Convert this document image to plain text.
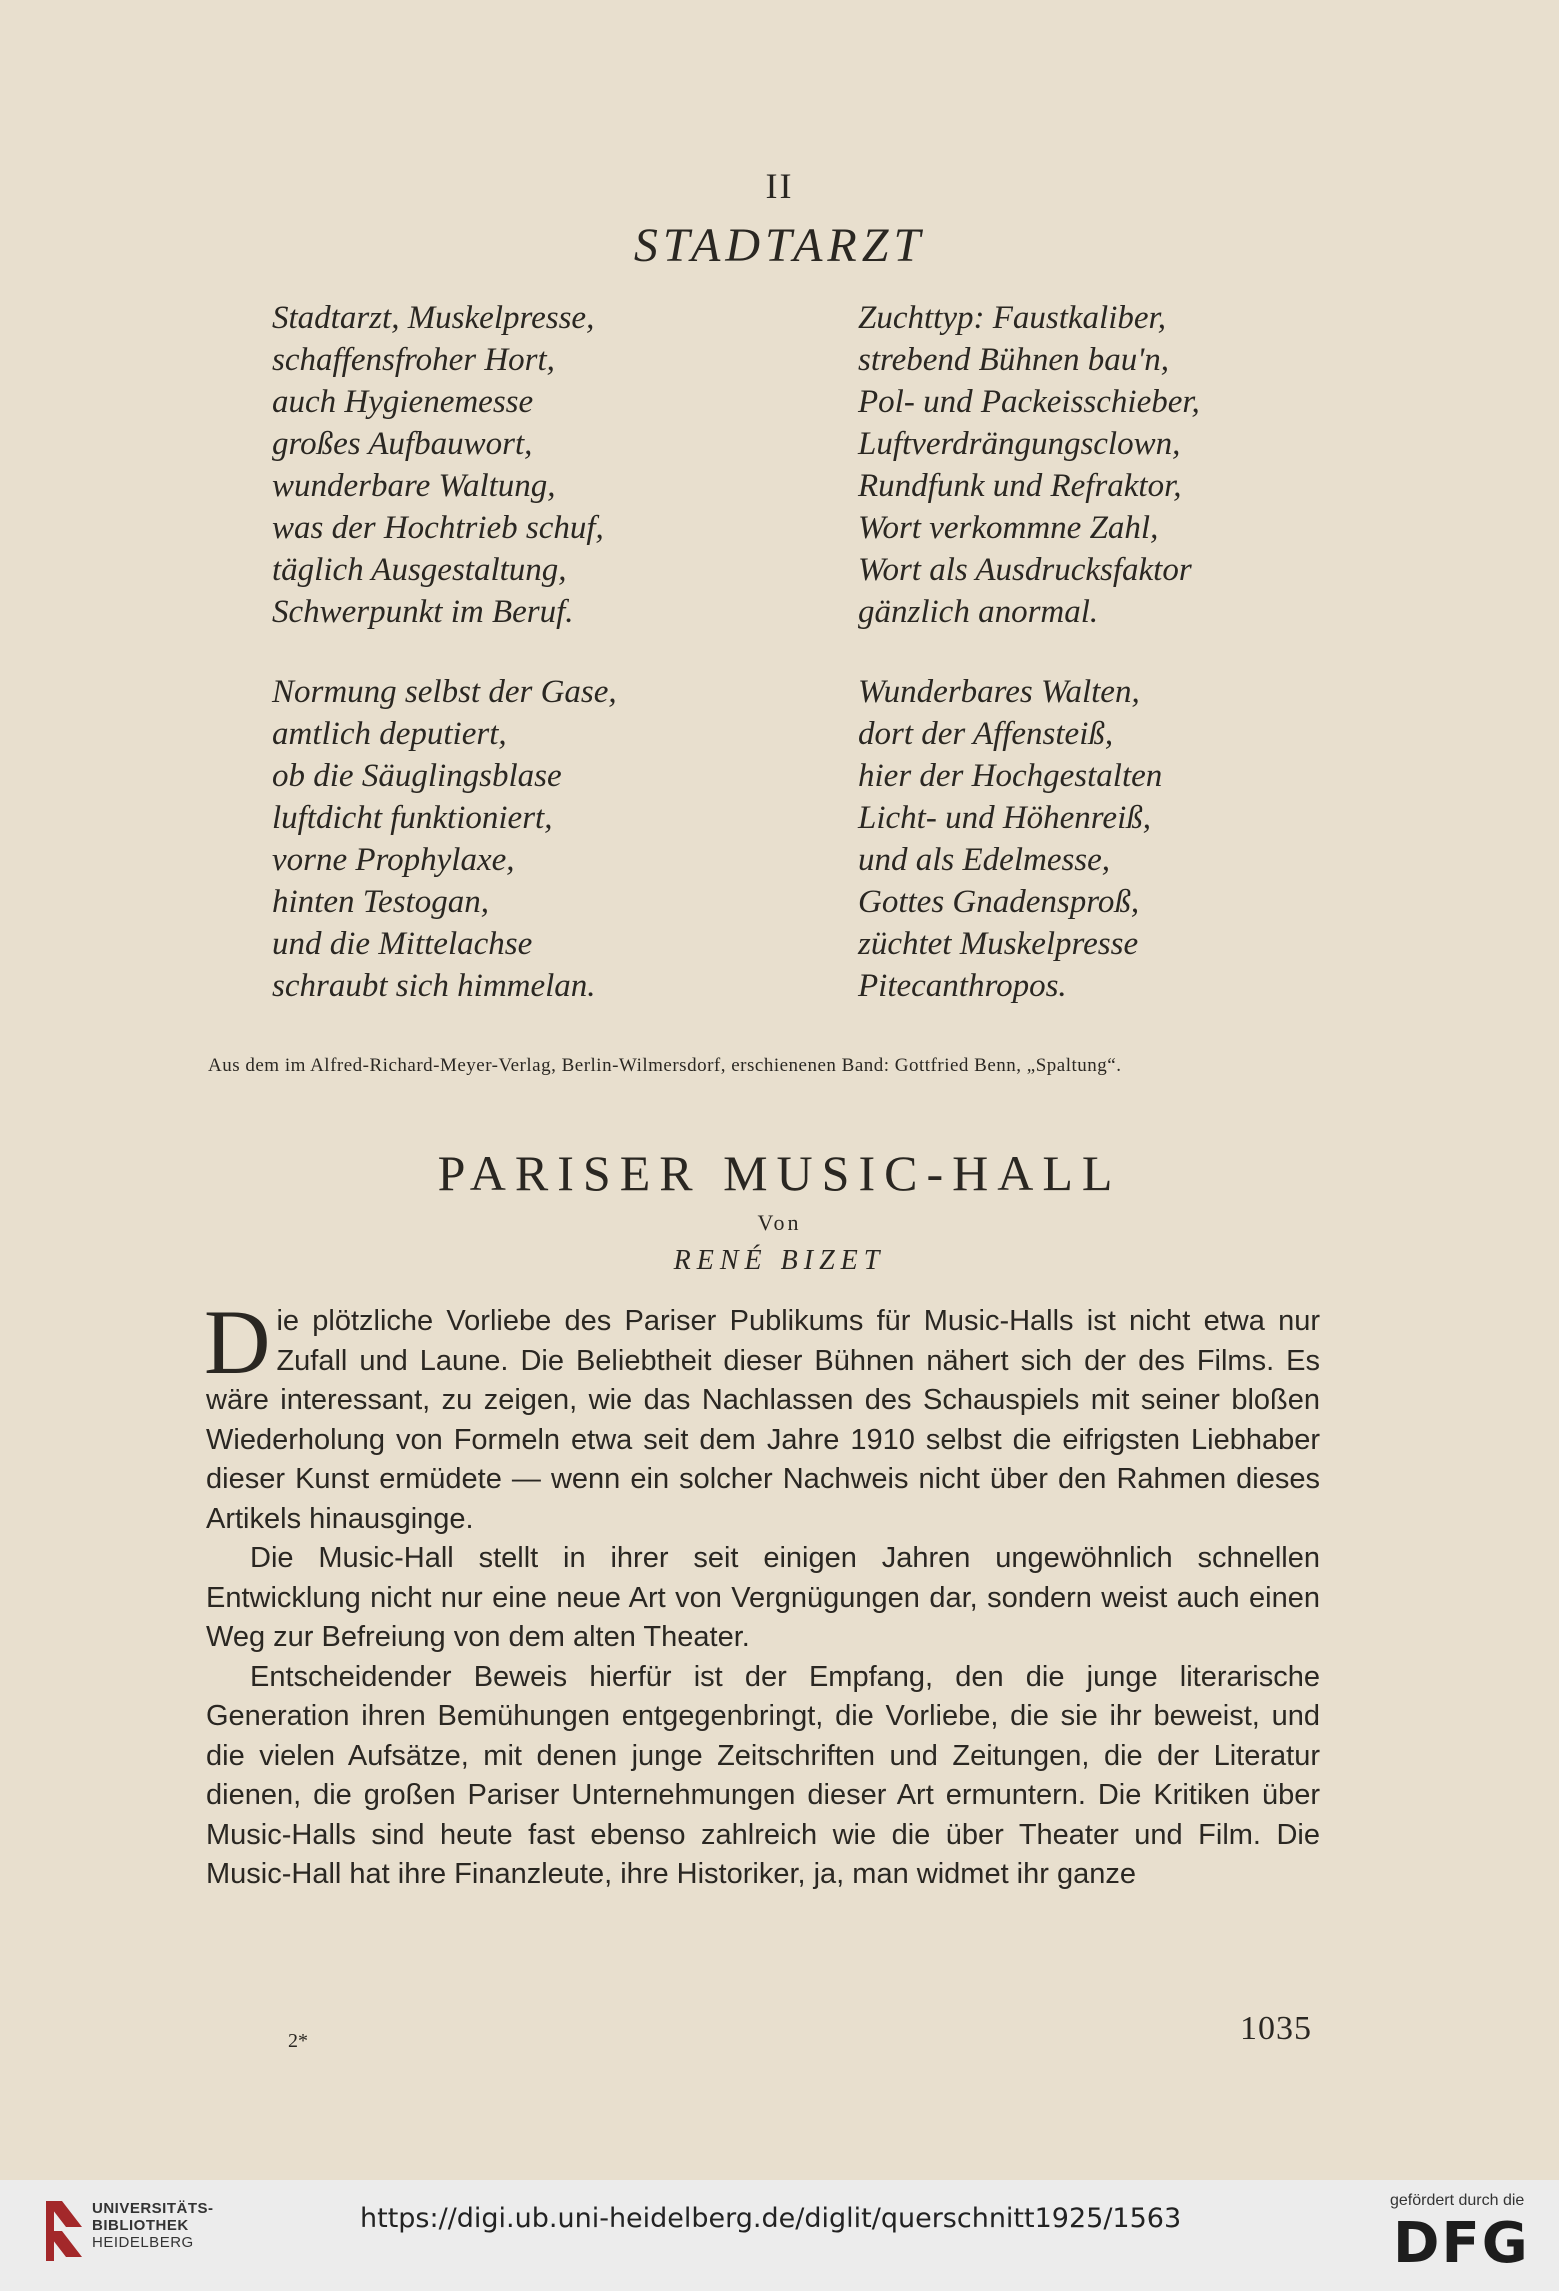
II
STADTARZT
Stadtarzt, Muskelpresse,
schaffensfroher Hort,
auch Hygienemesse
großes Aufbauwort,
wunderbare Waltung,
was der Hochtrieb schuf,
täglich Ausgestaltung,
Schwerpunkt im Beruf.
Normung selbst der Gase,
amtlich deputiert,
ob die Säuglingsblase
luftdicht funktioniert,
vorne Prophylaxe,
hinten Testogan,
und die Mittelachse
schraubt sich himmelan.
Zuchttyp: Faustkaliber,
strebend Bühnen bau'n,
Pol- und Packeisschieber,
Luftverdrängungsclown,
Rundfunk und Refraktor,
Wort verkommne Zahl,
Wort als Ausdrucksfaktor
gänzlich anormal.
Wunderbares Walten,
dort der Affensteiß,
hier der Hochgestalten
Licht- und Höhenreiß,
und als Edelmesse,
Gottes Gnadensproß,
züchtet Muskelpresse
Pitecanthropos.
Aus dem im Alfred-Richard-Meyer-Verlag, Berlin-Wilmersdorf, erschienenen Band: Gottfried Benn, „Spaltung“.
PARISER MUSIC-HALL
Von
RENÉ BIZET

Die plötzliche Vorliebe des Pariser Publikums für Music-Halls ist nicht etwa nur Zufall und Laune. Die Beliebtheit dieser Bühnen nähert sich der des Films. Es wäre interessant, zu zeigen, wie das Nachlassen des Schauspiels mit seiner bloßen Wiederholung von Formeln etwa seit dem Jahre 1910 selbst die eifrigsten Liebhaber dieser Kunst ermüdete — wenn ein solcher Nachweis nicht über den Rahmen dieses Artikels hinausginge.

Die Music-Hall stellt in ihrer seit einigen Jahren ungewöhnlich schnellen Entwicklung nicht nur eine neue Art von Vergnügungen dar, sondern weist auch einen Weg zur Befreiung von dem alten Theater.

Entscheidender Beweis hierfür ist der Empfang, den die junge literarische Generation ihren Bemühungen entgegenbringt, die Vorliebe, die sie ihr beweist, und die vielen Aufsätze, mit denen junge Zeitschriften und Zeitungen, die der Literatur dienen, die großen Pariser Unternehmungen dieser Art ermuntern. Die Kritiken über Music-Halls sind heute fast ebenso zahlreich wie die über Theater und Film. Die Music-Hall hat ihre Finanzleute, ihre Historiker, ja, man widmet ihr ganze

2*	1035
UNIVERSITÄTS-
BIBLIOTHEK
HEIDELBERG
https://digi.ub.uni-heidelberg.de/diglit/querschnitt1925/1563
gefördert durch die
DFG
